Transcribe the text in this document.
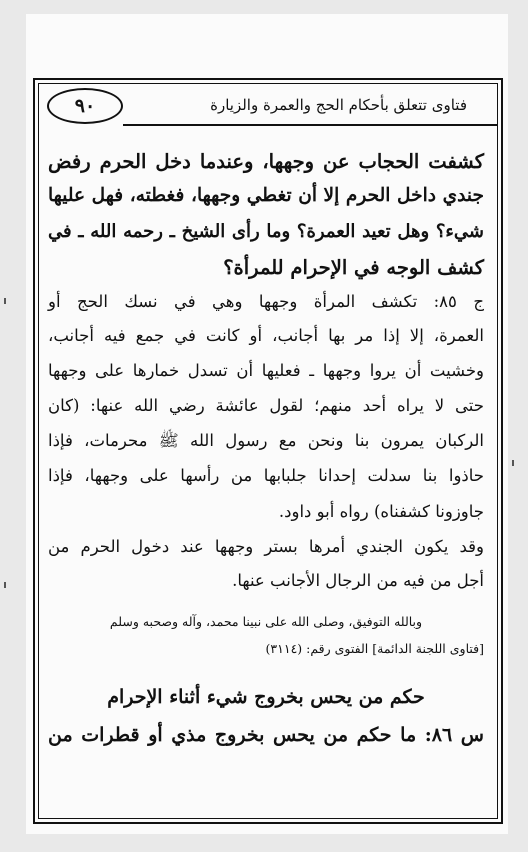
٩٠	فتاوى تتعلق بأحكام الحج والعمرة والزيارة
كشفت الحجاب عن وجهها، وعندما دخل الحرم رفض
جندي داخل الحرم إلا أن تغطي وجهها، فغطته، فهل عليها
شيء؟ وهل تعيد العمرة؟ وما رأى الشيخ ـ رحمه الله ـ في
كشف الوجه في الإحرام للمرأة؟
ج ٨٥: تكشف المرأة وجهها وهي في نسك الحج أو
العمرة، إلا إذا مر بها أجانب، أو كانت في جمع فيه أجانب،
وخشيت أن يروا وجهها ـ فعليها أن تسدل خمارها على وجهها
حتى لا يراه أحد منهم؛ لقول عائشة رضي الله عنها: (كان
الركبان يمرون بنا ونحن مع رسول الله ﷺ محرمات، فإذا
حاذوا بنا سدلت إحدانا جلبابها من رأسها على وجهها، فإذا
جاوزونا كشفناه) رواه أبو داود.
وقد يكون الجندي أمرها بستر وجهها عند دخول الحرم من
أجل من فيه من الرجال الأجانب عنها.
وبالله التوفيق، وصلى الله على نبينا محمد، وآله وصحبه وسلم
[فتاوى اللجنة الدائمة] الفتوى رقم: (٣١١٤)
حكم من يحس بخروج شيء أثناء الإحرام
س ٨٦: ما حكم من يحس بخروج مذي أو قطرات من
